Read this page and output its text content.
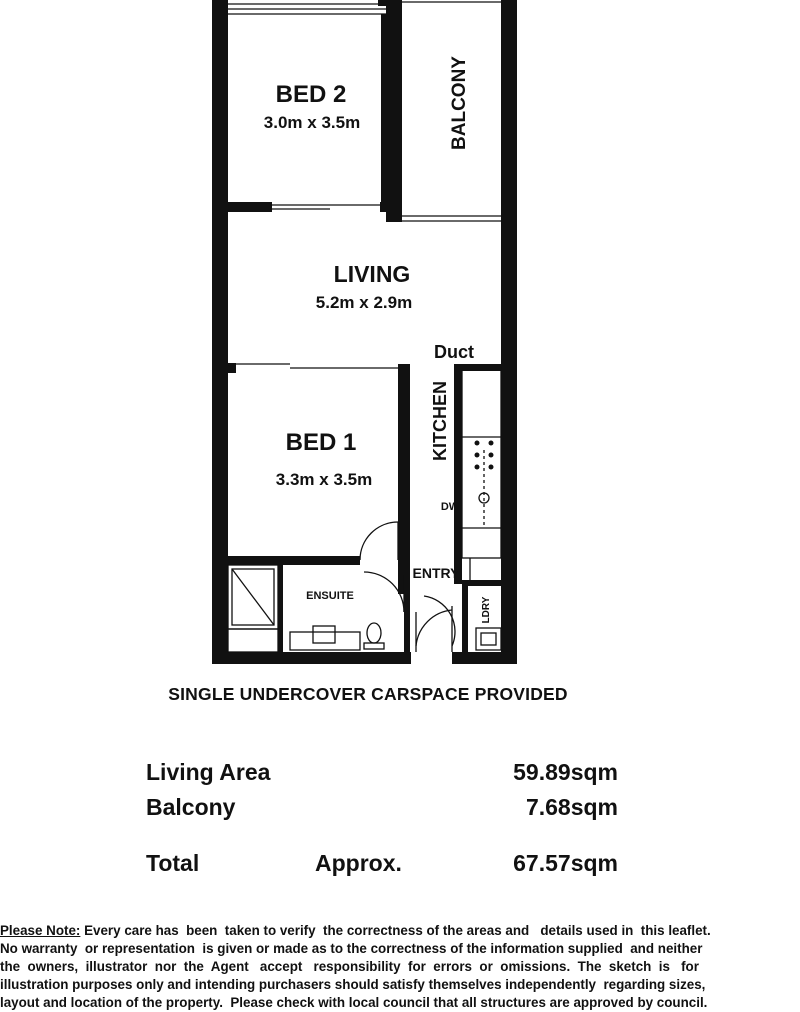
BED 2
3.0m x 3.5m	BALCONY
LIVING
5.2m x 2.9m
Duct
KITCHEN
DW
BED 1
3.3m x 3.5m
ENSUITE
ENTRY
LDRY
SINGLE UNDERCOVER CARSPACE PROVIDED
Living Area	59.89sqm
Balcony	7.68sqm
Total	Approx.	67.57sqm
Please Note: Every care has  been  taken to verify  the correctness of the areas and   details used in  this leaflet.
No warranty  or representation  is given or made as to the correctness of the information supplied  and neither
the  owners,  illustrator  nor  the  Agent   accept   responsibility  for  errors  or  omissions.  The  sketch  is   for
illustration purposes only and intending purchasers should satisfy themselves independently  regarding sizes,
layout and location of the property.  Please check with local council that all structures are approved by council.
